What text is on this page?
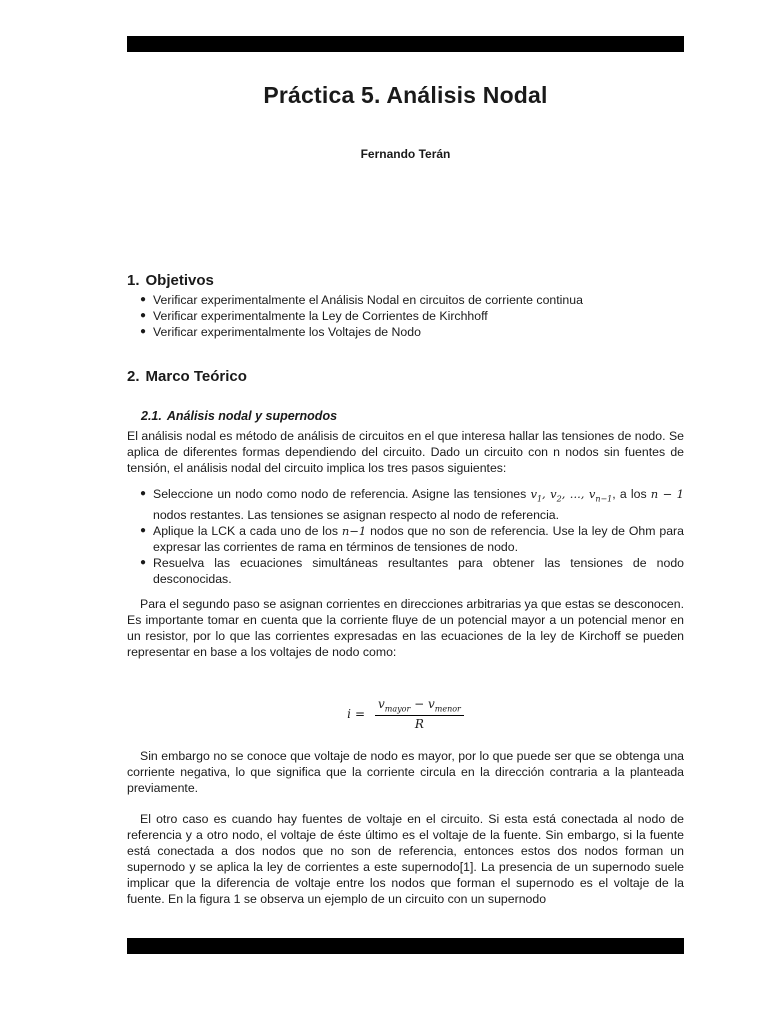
Práctica 5. Análisis Nodal
Fernando Terán
1. Objetivos
● Verificar experimentalmente el Análisis Nodal en circuitos de corriente continua
● Verificar experimentalmente la Ley de Corrientes de Kirchhoff
● Verificar experimentalmente los Voltajes de Nodo
2. Marco Teórico
2.1. Análisis nodal y supernodos

El análisis nodal es método de análisis de circuitos en el que interesa hallar las tensiones de nodo. Se aplica de diferentes formas dependiendo del circuito. Dado un circuito con n nodos sin fuentes de tensión, el análisis nodal del circuito implica los tres pasos siguientes:

● Seleccione un nodo como nodo de referencia. Asigne las tensiones $v_1$, $v_2$, ..., $v_{n-1}$, a los n − 1 nodos restantes. Las tensiones se asignan respecto al nodo de referencia.
● Aplique la LCK a cada uno de los n−1 nodos que no son de referencia. Use la ley de Ohm para expresar las corrientes de rama en términos de tensiones de nodo.
● Resuelva las ecuaciones simultáneas resultantes para obtener las tensiones de nodo desconocidas.

Para el segundo paso se asignan corrientes en direcciones arbitrarias ya que estas se desconocen. Es importante tomar en cuenta que la corriente fluye de un potencial mayor a un potencial menor en un resistor, por lo que las corrientes expresadas en las ecuaciones de la ley de Kirchoff se pueden representar en base a los voltajes de nodo como:

$i = \frac{v_{mayor} - v_{menor}}{R}$

Sin embargo no se conoce que voltaje de nodo es mayor, por lo que puede ser que se obtenga una corriente negativa, lo que significa que la corriente circula en la dirección contraria a la planteada previamente.

El otro caso es cuando hay fuentes de voltaje en el circuito. Si esta está conectada al nodo de referencia y a otro nodo, el voltaje de éste último es el voltaje de la fuente. Sin embargo, si la fuente está conectada a dos nodos que no son de referencia, entonces estos dos nodos forman un supernodo y se aplica la ley de corrientes a este supernodo[1]. La presencia de un supernodo suele implicar que la diferencia de voltaje entre los nodos que forman el supernodo es el voltaje de la fuente. En la figura 1 se observa un ejemplo de un circuito con un supernodo
